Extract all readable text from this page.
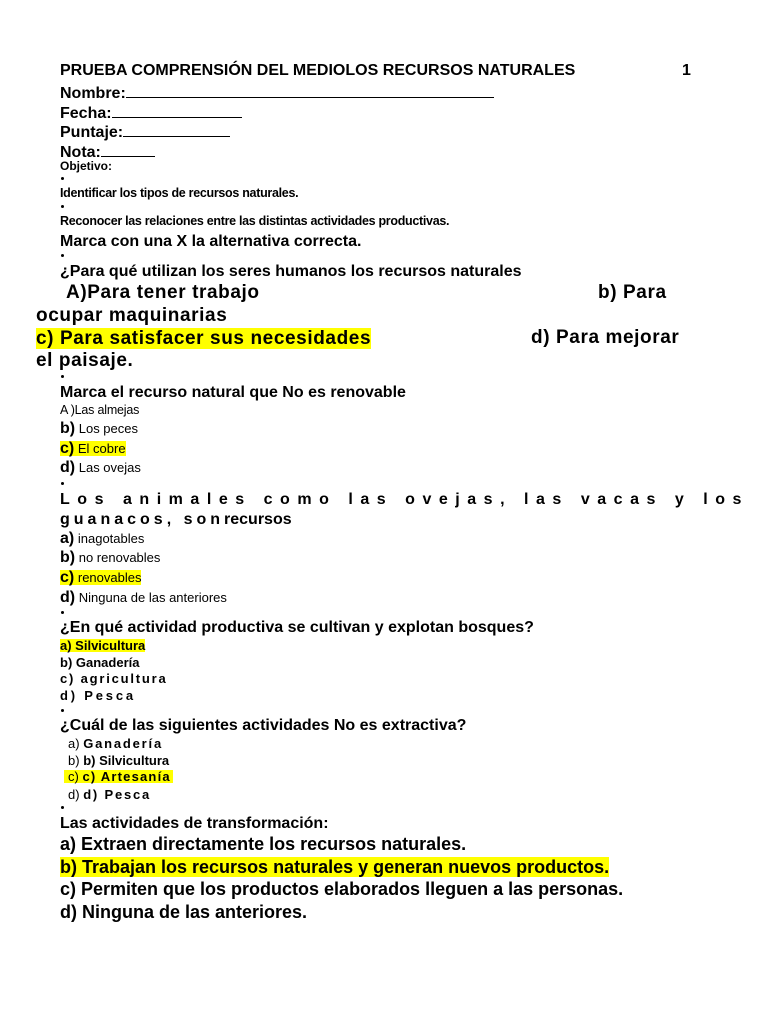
PRUEBA COMPRENSIÓN DEL MEDIOLOS RECURSOS NATURALES	1
Nombre:
Fecha:
Puntaje:
Nota:
Objetivo:
Identificar los tipos de recursos naturales.
Reconocer las relaciones entre las distintas actividades productivas.
Marca con una X la alternativa correcta.
¿Para qué utilizan los seres humanos los recursos naturales
A)Para tener trabajo	b) Para
ocupar maquinarias
c) Para satisfacer sus necesidades	d) Para mejorar
el paisaje.
Marca el recurso natural que No es renovable
A )Las almejas
b) Los peces
c) El cobre
d) Las ovejas
L o s
a n i m a l e s
c o m o
l a s
o v e j a s ,
l a s
v a c a s
y
l o s
guanacos, sonrecursos
a) inagotables
b) no renovables
c) renovables
d) Ninguna de las anteriores
¿En qué actividad productiva se cultivan y explotan bosques?
a) Silvicultura
b) Ganadería
c) agricultura
d) Pesca
¿Cuál de las siguientes actividades No es extractiva?
a) Ganadería
b) b) Silvicultura
c) c) Artesanía
d) d) Pesca
Las actividades de transformación:
a) Extraen directamente los recursos naturales.
b) Trabajan los recursos naturales y generan nuevos productos.
c) Permiten que los productos elaborados lleguen a las personas.
d) Ninguna de las anteriores.
